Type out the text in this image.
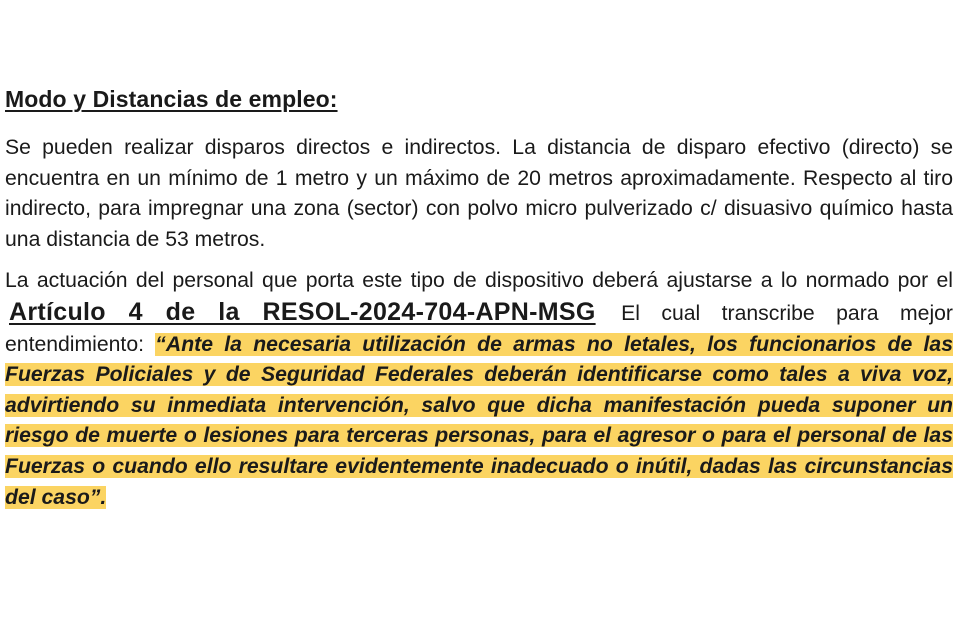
Modo y Distancias de empleo:

Se pueden realizar disparos directos e indirectos. La distancia de disparo efectivo (directo) se encuentra en un mínimo de 1 metro y un máximo de 20 metros aproximadamente. Respecto al tiro indirecto, para impregnar una zona (sector) con polvo micro pulverizado c/ disuasivo químico hasta una distancia de 53 metros.

La actuación del personal que porta este tipo de dispositivo deberá ajustarse a lo normado por el Artículo 4 de la RESOL-2024-704-APN-MSG El cual transcribe para mejor entendimiento: “Ante la necesaria utilización de armas no letales, los funcionarios de las Fuerzas Policiales y de Seguridad Federales deberán identificarse como tales a viva voz, advirtiendo su inmediata intervención, salvo que dicha manifestación pueda suponer un riesgo de muerte o lesiones para terceras personas, para el agresor o para el personal de las Fuerzas o cuando ello resultare evidentemente inadecuado o inútil, dadas las circunstancias del caso”.
